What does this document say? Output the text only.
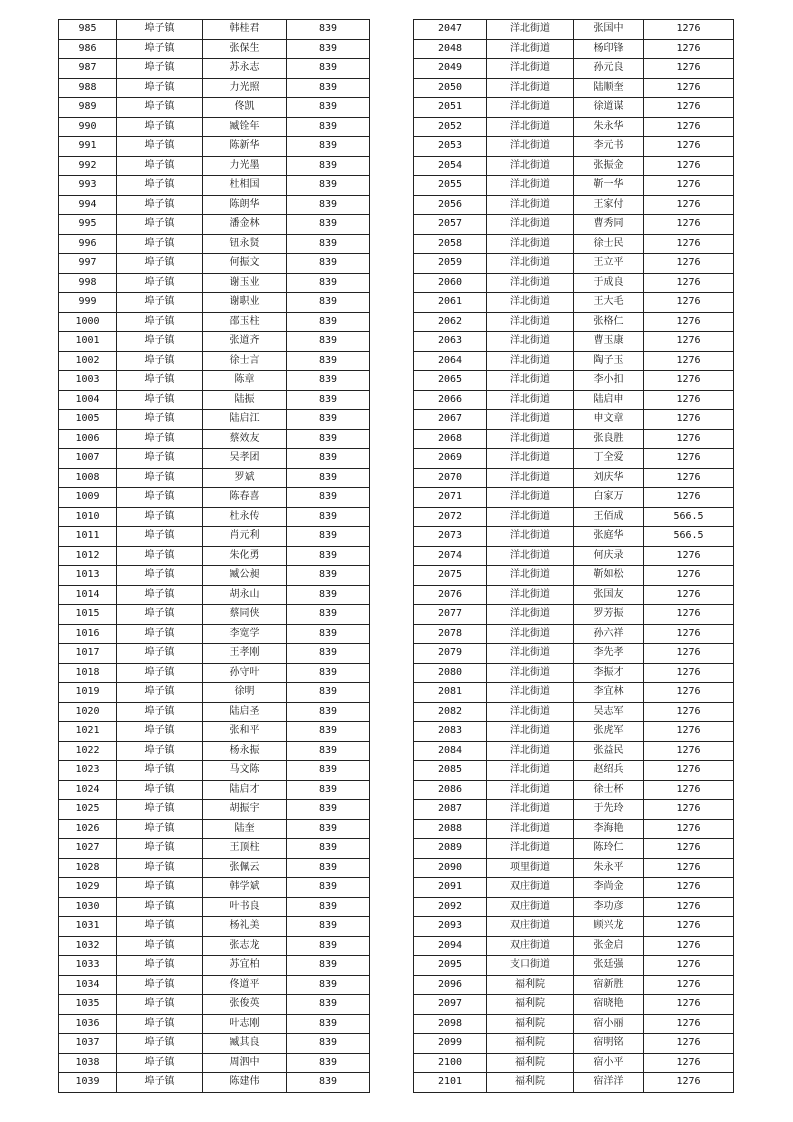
985	埠子镇	韩桂君	839
986	埠子镇	张保生	839
987	埠子镇	苏永志	839
988	埠子镇	力光照	839
989	埠子镇	佟凯	839
990	埠子镇	臧铨年	839
991	埠子镇	陈新华	839
992	埠子镇	力光墨	839
993	埠子镇	杜相国	839
994	埠子镇	陈朗华	839
995	埠子镇	潘金林	839
996	埠子镇	钮永贤	839
997	埠子镇	何振文	839
998	埠子镇	谢玉业	839
999	埠子镇	谢职业	839
1000	埠子镇	邵玉柱	839
1001	埠子镇	张道齐	839
1002	埠子镇	徐士言	839
1003	埠子镇	陈章	839
1004	埠子镇	陆振	839
1005	埠子镇	陆启江	839
1006	埠子镇	蔡效友	839
1007	埠子镇	吴孝团	839
1008	埠子镇	罗斌	839
1009	埠子镇	陈春喜	839
1010	埠子镇	杜永传	839
1011	埠子镇	肖元利	839
1012	埠子镇	朱化勇	839
1013	埠子镇	臧公昶	839
1014	埠子镇	胡永山	839
1015	埠子镇	蔡同侠	839
1016	埠子镇	李宽学	839
1017	埠子镇	王孝刚	839
1018	埠子镇	孙守叶	839
1019	埠子镇	徐明	839
1020	埠子镇	陆启圣	839
1021	埠子镇	张和平	839
1022	埠子镇	杨永振	839
1023	埠子镇	马文陈	839
1024	埠子镇	陆启才	839
1025	埠子镇	胡振宇	839
1026	埠子镇	陆奎	839
1027	埠子镇	王顶柱	839
1028	埠子镇	张佩云	839
1029	埠子镇	韩学斌	839
1030	埠子镇	叶书良	839
1031	埠子镇	杨礼美	839
1032	埠子镇	张志龙	839
1033	埠子镇	苏宜柏	839
1034	埠子镇	佟道平	839
1035	埠子镇	张俊英	839
1036	埠子镇	叶志刚	839
1037	埠子镇	臧其良	839
1038	埠子镇	周泗中	839
1039	埠子镇	陈建伟	839
2047	洋北街道	张国中	1276
2048	洋北街道	杨印锋	1276
2049	洋北街道	孙元良	1276
2050	洋北街道	陆顺奎	1276
2051	洋北街道	徐道谋	1276
2052	洋北街道	朱永华	1276
2053	洋北街道	李元书	1276
2054	洋北街道	张振金	1276
2055	洋北街道	靳一华	1276
2056	洋北街道	王家付	1276
2057	洋北街道	曹秀同	1276
2058	洋北街道	徐士民	1276
2059	洋北街道	王立平	1276
2060	洋北街道	于成良	1276
2061	洋北街道	王大毛	1276
2062	洋北街道	张格仁	1276
2063	洋北街道	曹玉康	1276
2064	洋北街道	陶子玉	1276
2065	洋北街道	李小扣	1276
2066	洋北街道	陆启申	1276
2067	洋北街道	申文章	1276
2068	洋北街道	张良胜	1276
2069	洋北街道	丁全爱	1276
2070	洋北街道	刘庆华	1276
2071	洋北街道	白家万	1276
2072	洋北街道	王佰成	566.5
2073	洋北街道	张庭华	566.5
2074	洋北街道	何庆录	1276
2075	洋北街道	靳如松	1276
2076	洋北街道	张国友	1276
2077	洋北街道	罗芳振	1276
2078	洋北街道	孙六祥	1276
2079	洋北街道	李先孝	1276
2080	洋北街道	李振才	1276
2081	洋北街道	李宜林	1276
2082	洋北街道	吴志军	1276
2083	洋北街道	张虎军	1276
2084	洋北街道	张益民	1276
2085	洋北街道	赵绍兵	1276
2086	洋北街道	徐士杯	1276
2087	洋北街道	于先玲	1276
2088	洋北街道	李海艳	1276
2089	洋北街道	陈玲仁	1276
2090	项里街道	朱永平	1276
2091	双庄街道	李尚金	1276
2092	双庄街道	李功彦	1276
2093	双庄街道	顾兴龙	1276
2094	双庄街道	张金启	1276
2095	支口街道	张廷强	1276
2096	福利院	宿新胜	1276
2097	福利院	宿晓艳	1276
2098	福利院	宿小丽	1276
2099	福利院	宿明铭	1276
2100	福利院	宿小平	1276
2101	福利院	宿洋洋	1276
